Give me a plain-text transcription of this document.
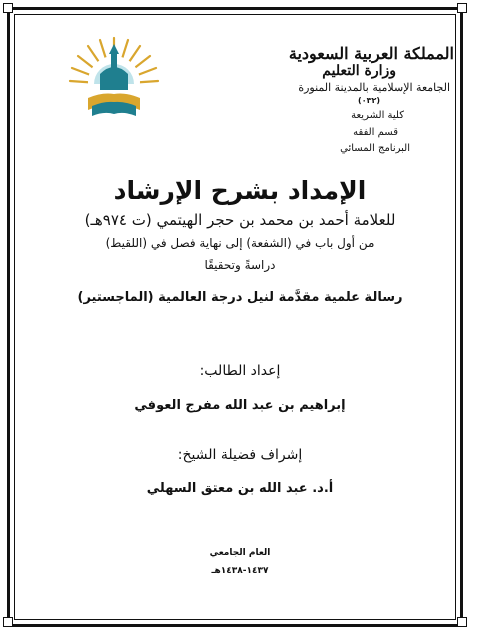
المملكة العربية السعودية
وزارة التعليم
الجامعة الإسلامية بالمدينة المنورة
(٠٣٢)
كلية الشريعة
قسم الفقه
البرنامج المسائي
الإمداد بشرح الإرشاد
للعلامة أحمد بن محمد بن حجر الهيتمي (ت ٩٧٤هـ)
من أول باب في (الشفعة) إلى نهاية فصل في (اللقيط)
دراسةً وتحقيقًا
رسالة علمية مقدَّمة لنيل درجة العالمية (الماجستير)
إعداد الطالب:
إبراهيم بن عبد الله مفرج العوفي
إشراف فضيلة الشيخ:
أ.د. عبد الله بن معتق السهلي
العام الجامعي
١٤٣٧-١٤٣٨هـ
